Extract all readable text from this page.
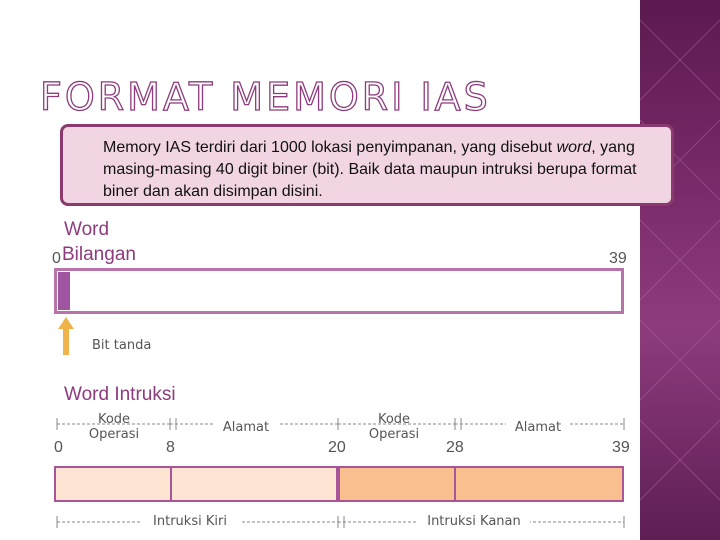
FORMAT MEMORI IAS
Memory IAS terdiri dari 1000 lokasi penyimpanan, yang disebut word, yang masing-masing 40 digit biner (bit). Baik data maupun intruksi berupa format biner dan akan disimpan disini.
Word
0 Bilangan	39
Bit tanda
Word Intruksi
Kode
Operasi	Alamat
Kode
Operasi	Alamat
0	8	20	28	39
Intruksi Kiri	Intruksi Kanan
